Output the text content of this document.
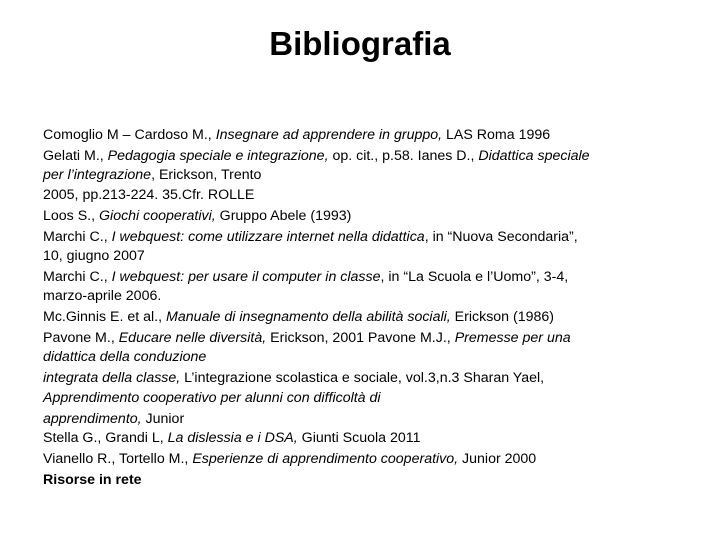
Bibliografia
Comoglio M – Cardoso M., Insegnare ad apprendere in gruppo, LAS Roma 1996
Gelati M., Pedagogia speciale e integrazione, op. cit., p.58. Ianes D., Didattica speciale
per l’integrazione, Erickson, Trento
2005, pp.213-224. 35.Cfr. ROLLE
Loos S., Giochi cooperativi, Gruppo Abele (1993)
Marchi C., I webquest: come utilizzare internet nella didattica, in “Nuova Secondaria”,
10, giugno 2007
Marchi C., I webquest: per usare il computer in classe, in “La Scuola e l’Uomo”, 3-4,
marzo-aprile 2006.
Mc.Ginnis E. et al., Manuale di insegnamento della abilità sociali, Erickson (1986)
Pavone M., Educare nelle diversità, Erickson, 2001 Pavone M.J., Premesse per una
didattica della conduzione
integrata della classe, L’integrazione scolastica e sociale, vol.3,n.3 Sharan Yael,
Apprendimento cooperativo per alunni con difficoltà di
apprendimento, Junior
Stella G., Grandi L, La dislessia e i DSA, Giunti Scuola 2011
Vianello R., Tortello M., Esperienze di apprendimento cooperativo, Junior 2000
Risorse in rete
